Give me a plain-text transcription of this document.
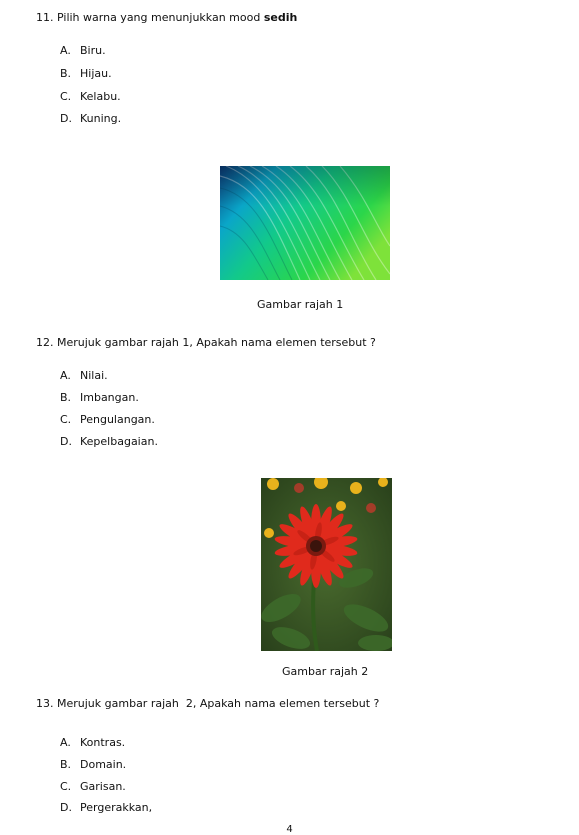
11. Pilih warna yang menunjukkan mood sedih
A. Biru.
B. Hijau.
C. Kelabu.
D. Kuning.
Gambar rajah 1
12. Merujuk gambar rajah 1, Apakah nama elemen tersebut ?
A. Nilai.
B. Imbangan.
C. Pengulangan.
D. Kepelbagaian.
Gambar rajah 2
13. Merujuk gambar rajah  2, Apakah nama elemen tersebut ?
A. Kontras.
B. Domain.
C. Garisan.
D. Pergerakkan,
4
